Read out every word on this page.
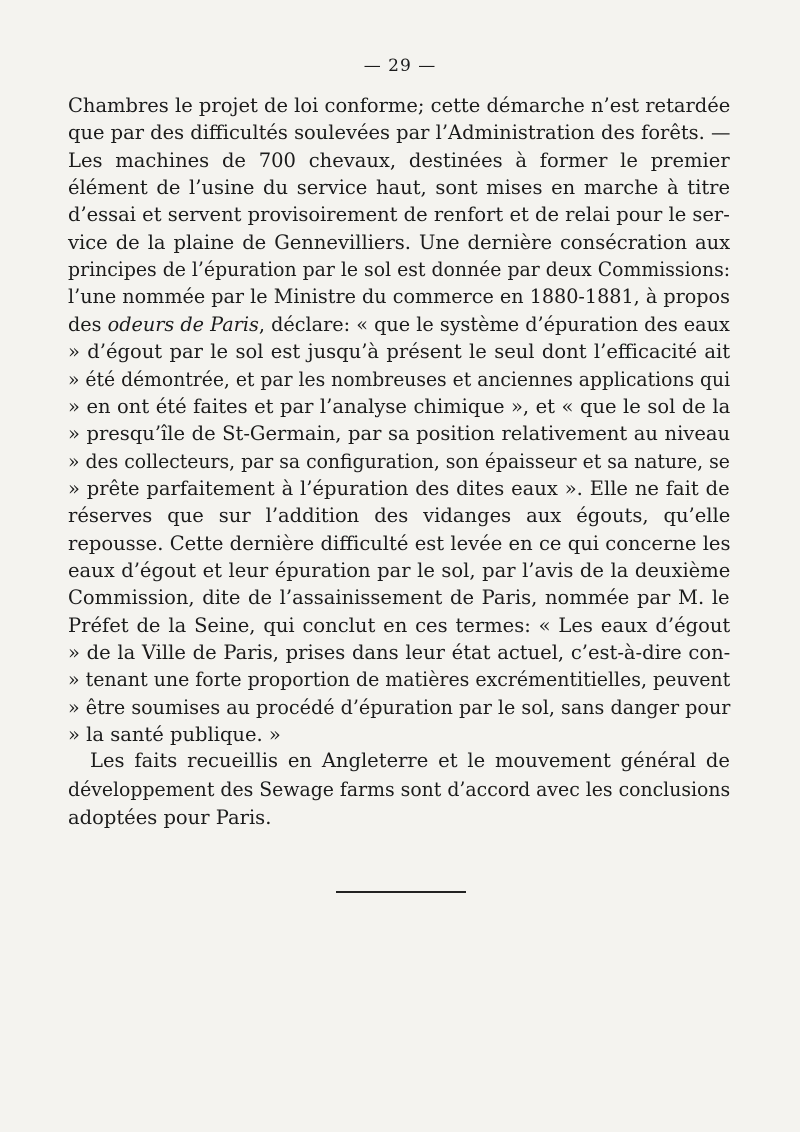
— 29 —
Chambres le projet de loi conforme; cette démarche n’est retardée
que par des difficultés soulevées par l’Administration des forêts. —
Les machines de 700 chevaux, destinées à former le premier
élément de l’usine du service haut, sont mises en marche à titre
d’essai et servent provisoirement de renfort et de relai pour le ser-
vice de la plaine de Gennevilliers. Une dernière consécration aux
principes de l’épuration par le sol est donnée par deux Commissions:
l’une nommée par le Ministre du commerce en 1880-1881, à propos
des odeurs de Paris, déclare: « que le système d’épuration des eaux
» d’égout par le sol est jusqu’à présent le seul dont l’efficacité ait
» été démontrée, et par les nombreuses et anciennes applications qui
» en ont été faites et par l’analyse chimique », et « que le sol de la
» presqu’île de St-Germain, par sa position relativement au niveau
» des collecteurs, par sa configuration, son épaisseur et sa nature, se
» prête parfaitement à l’épuration des dites eaux ». Elle ne fait de
réserves que sur l’addition des vidanges aux égouts, qu’elle
repousse. Cette dernière difficulté est levée en ce qui concerne les
eaux d’égout et leur épuration par le sol, par l’avis de la deuxième
Commission, dite de l’assainissement de Paris, nommée par M. le
Préfet de la Seine, qui conclut en ces termes: « Les eaux d’égout
» de la Ville de Paris, prises dans leur état actuel, c’est-à-dire con-
» tenant une forte proportion de matières excrémentitielles, peuvent
» être soumises au procédé d’épuration par le sol, sans danger pour
» la santé publique. »
Les faits recueillis en Angleterre et le mouvement général de
développement des Sewage farms sont d’accord avec les conclusions
adoptées pour Paris.
